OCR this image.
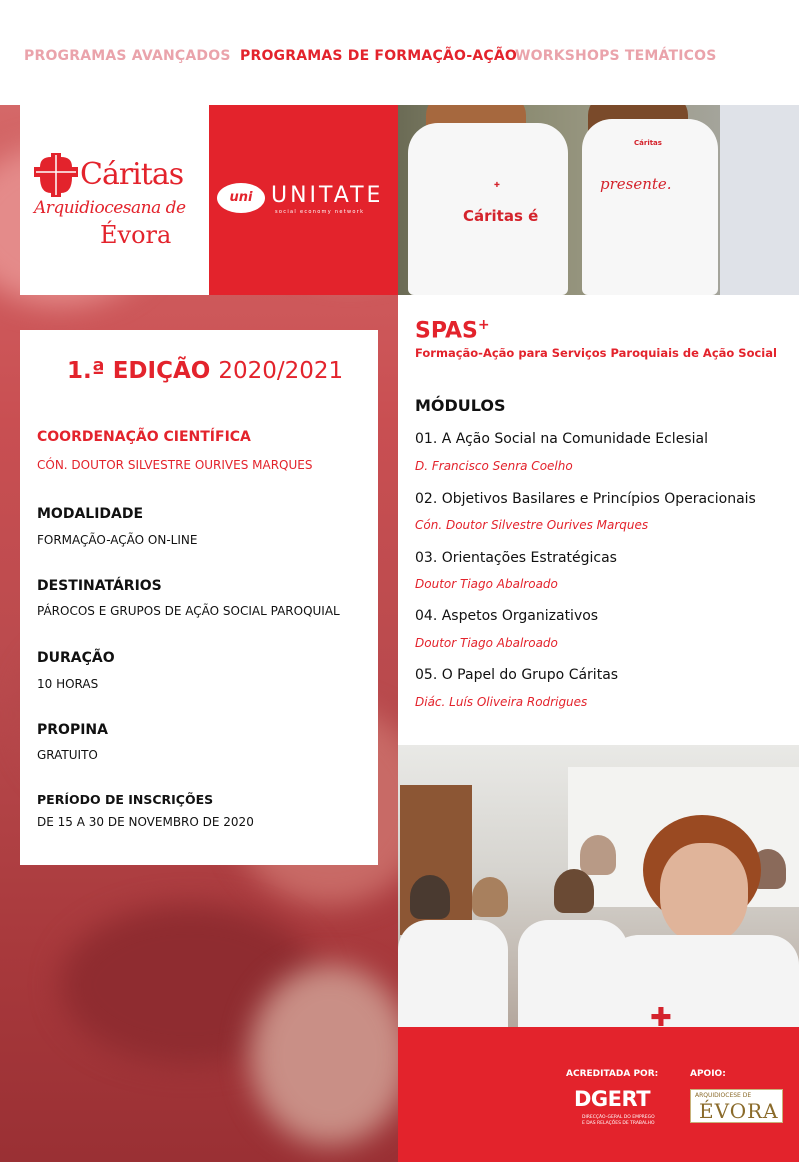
PROGRAMAS AVANÇADOS PROGRAMAS DE FORMAÇÃO-AÇÃO
WORKSHOPS TEMÁTICOS
Cáritas
Arquidiocesana de
Évora
uni UNITATE
social economy network
✚
Cáritas é
Cáritas
presente.
1.ª EDIÇÃO 2020/2021
COORDENAÇÃO CIENTÍFICA
CÓN. DOUTOR SILVESTRE OURIVES MARQUES
MODALIDADE
FORMAÇÃO-AÇÃO ON-LINE
DESTINATÁRIOS
PÁROCOS E GRUPOS DE AÇÃO SOCIAL PAROQUIAL
DURAÇÃO
10 HORAS
PROPINA
GRATUITO
PERÍODO DE INSCRIÇÕES
DE 15 A 30 DE NOVEMBRO DE 2020
SPAS+
Formação-Ação para Serviços Paroquiais de Ação Social
MÓDULOS
01. A Ação Social na Comunidade Eclesial
D. Francisco Senra Coelho
02. Objetivos Basilares e Princípios Operacionais
Cón. Doutor Silvestre Ourives Marques
03. Orientações Estratégicas
Doutor Tiago Abalroado
04. Aspetos Organizativos
Doutor Tiago Abalroado
05. O Papel do Grupo Cáritas
Diác. Luís Oliveira Rodrigues
✚
ACREDITADA POR:	APOIO:
DGERT
DIRECÇÃO-GERAL DO EMPREGO
E DAS RELAÇÕES DE TRABALHO
ARQUIDIOCESE DE
ÉVORA
